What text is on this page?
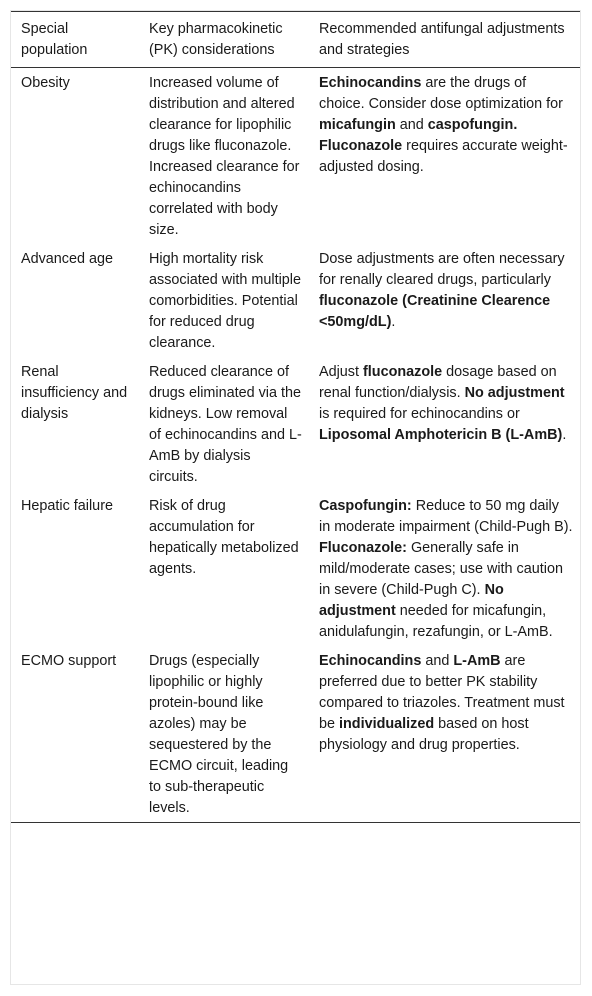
Special population	Key pharmacokinetic (PK) considerations	Recommended antifungal adjustments and strategies
Obesity	Increased volume of distribution and altered clearance for lipophilic drugs like fluconazole. Increased clearance for echinocandins correlated with body size.	Echinocandins are the drugs of choice. Consider dose optimization for micafungin and caspofungin. Fluconazole requires accurate weight-adjusted dosing.
Advanced age	High mortality risk associated with multiple comorbidities. Potential for reduced drug clearance.	Dose adjustments are often necessary for renally cleared drugs, particularly fluconazole (Creatinine Clearence <50mg/dL).
Renal insufficiency and dialysis	Reduced clearance of drugs eliminated via the kidneys. Low removal of echinocandins and L-AmB by dialysis circuits.	Adjust fluconazole dosage based on renal function/dialysis. No adjustment is required for echinocandins or Liposomal Amphotericin B (L-AmB).
Hepatic failure	Risk of drug accumulation for hepatically metabolized agents.	Caspofungin: Reduce to 50 mg daily in moderate impairment (Child-Pugh B). Fluconazole: Generally safe in mild/moderate cases; use with caution in severe (Child-Pugh C). No adjustment needed for micafungin, anidulafungin, rezafungin, or L-AmB.
ECMO support	Drugs (especially lipophilic or highly protein-bound like azoles) may be sequestered by the ECMO circuit, leading to sub-therapeutic levels.	Echinocandins and L-AmB are preferred due to better PK stability compared to triazoles. Treatment must be individualized based on host physiology and drug properties.
